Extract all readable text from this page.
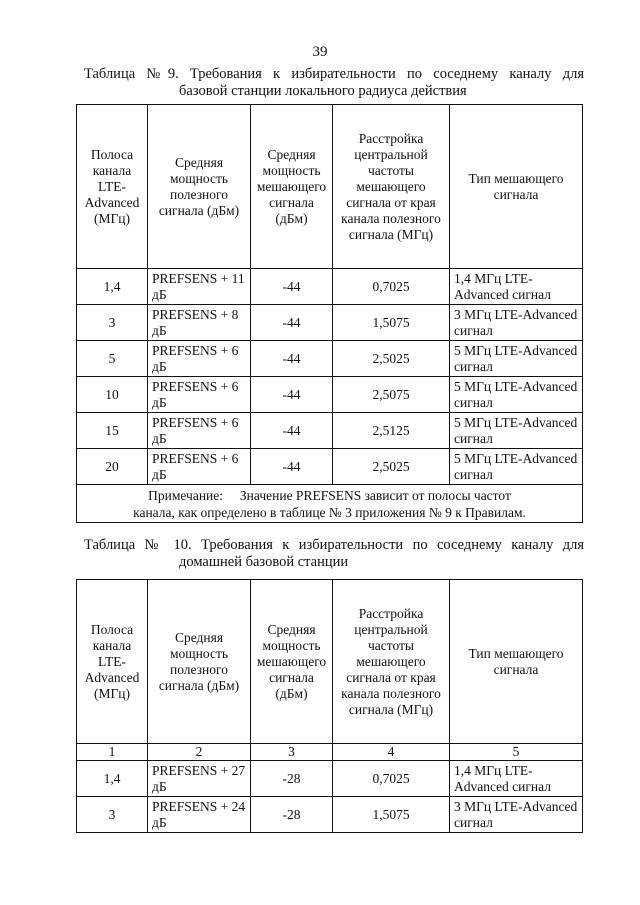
39
Таблица №9. Требования к избирательности по соседнему каналу для
базовой станции локального радиуса действия
Полоса канала LTE-Advanced (МГц)	Средняя мощность полезного сигнала (дБм)	Средняя мощность мешающего сигнала (дБм)	Расстройка центральной частоты мешающего сигнала от края канала полезного сигнала (МГц)	Тип мешающего сигнала
1,4	PREFSENS + 11 дБ	-44	0,7025	1,4 МГц LTE-Advanced сигнал
3	PREFSENS + 8 дБ	-44	1,5075	3 МГц LTE-Advanced сигнал
5	PREFSENS + 6 дБ	-44	2,5025	5 МГц LTE-Advanced сигнал
10	PREFSENS + 6 дБ	-44	2,5075	5 МГц LTE-Advanced сигнал
15	PREFSENS + 6 дБ	-44	2,5125	5 МГц LTE-Advanced сигнал
20	PREFSENS + 6 дБ	-44	2,5025	5 МГц LTE-Advanced сигнал

Примечание:     Значение PREFSENS зависит от полосы частот
канала, как определено в таблице № 3 приложения № 9 к Правилам.				
Таблица № 10. Требования к избирательности по соседнему каналу для
домашней базовой станции
Полоса канала LTE-Advanced (МГц)	Средняя мощность полезного сигнала (дБм)	Средняя мощность мешающего сигнала (дБм)	Расстройка центральной частоты мешающего сигнала от края канала полезного сигнала (МГц)	Тип мешающего сигнала
1	2	3	4	5
1,4	PREFSENS + 27 дБ	-28	0,7025	1,4 МГц LTE-Advanced сигнал
3	PREFSENS + 24 дБ	-28	1,5075	3 МГц LTE-Advanced сигнал
